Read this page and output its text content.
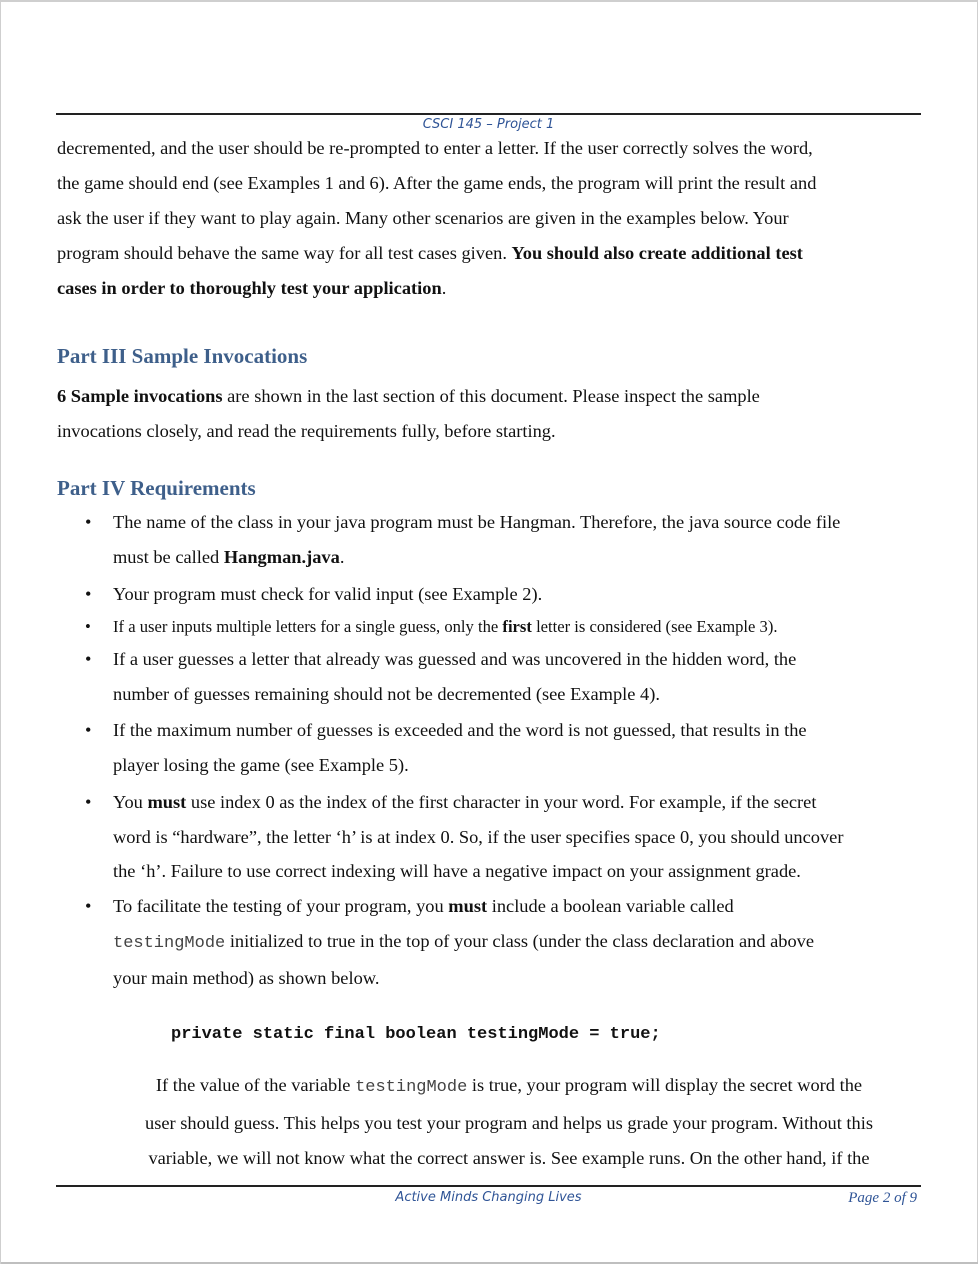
CSCI 145 – Project 1
decremented, and the user should be re-prompted to enter a letter. If the user correctly solves the word,
the game should end (see Examples 1 and 6). After the game ends, the program will print the result and
ask the user if they want to play again. Many other scenarios are given in the examples below. Your
program should behave the same way for all test cases given. You should also create additional test
cases in order to thoroughly test your application.
Part III Sample Invocations
6 Sample invocations are shown in the last section of this document. Please inspect the sample
invocations closely, and read the requirements fully, before starting.
Part IV Requirements
•	The name of the class in your java program must be Hangman. Therefore, the java source code file
must be called Hangman.java.
•	Your program must check for valid input (see Example 2).
•	If a user inputs multiple letters for a single guess, only the first letter is considered (see Example 3).
•	If a user guesses a letter that already was guessed and was uncovered in the hidden word, the
number of guesses remaining should not be decremented (see Example 4).
•	If the maximum number of guesses is exceeded and the word is not guessed, that results in the
player losing the game (see Example 5).
•	You must use index 0 as the index of the first character in your word. For example, if the secret
word is “hardware”, the letter ‘h’ is at index 0. So, if the user specifies space 0, you should uncover
the ‘h’. Failure to use correct indexing will have a negative impact on your assignment grade.
•	To facilitate the testing of your program, you must include a boolean variable called
testingMode initialized to true in the top of your class (under the class declaration and above
your main method) as shown below.
private static final boolean testingMode = true;
If the value of the variable testingMode is true, your program will display the secret word the
user should guess. This helps you test your program and helps us grade your program. Without this
variable, we will not know what the correct answer is. See example runs. On the other hand, if the
Active Minds Changing Lives	Page 2 of 9
